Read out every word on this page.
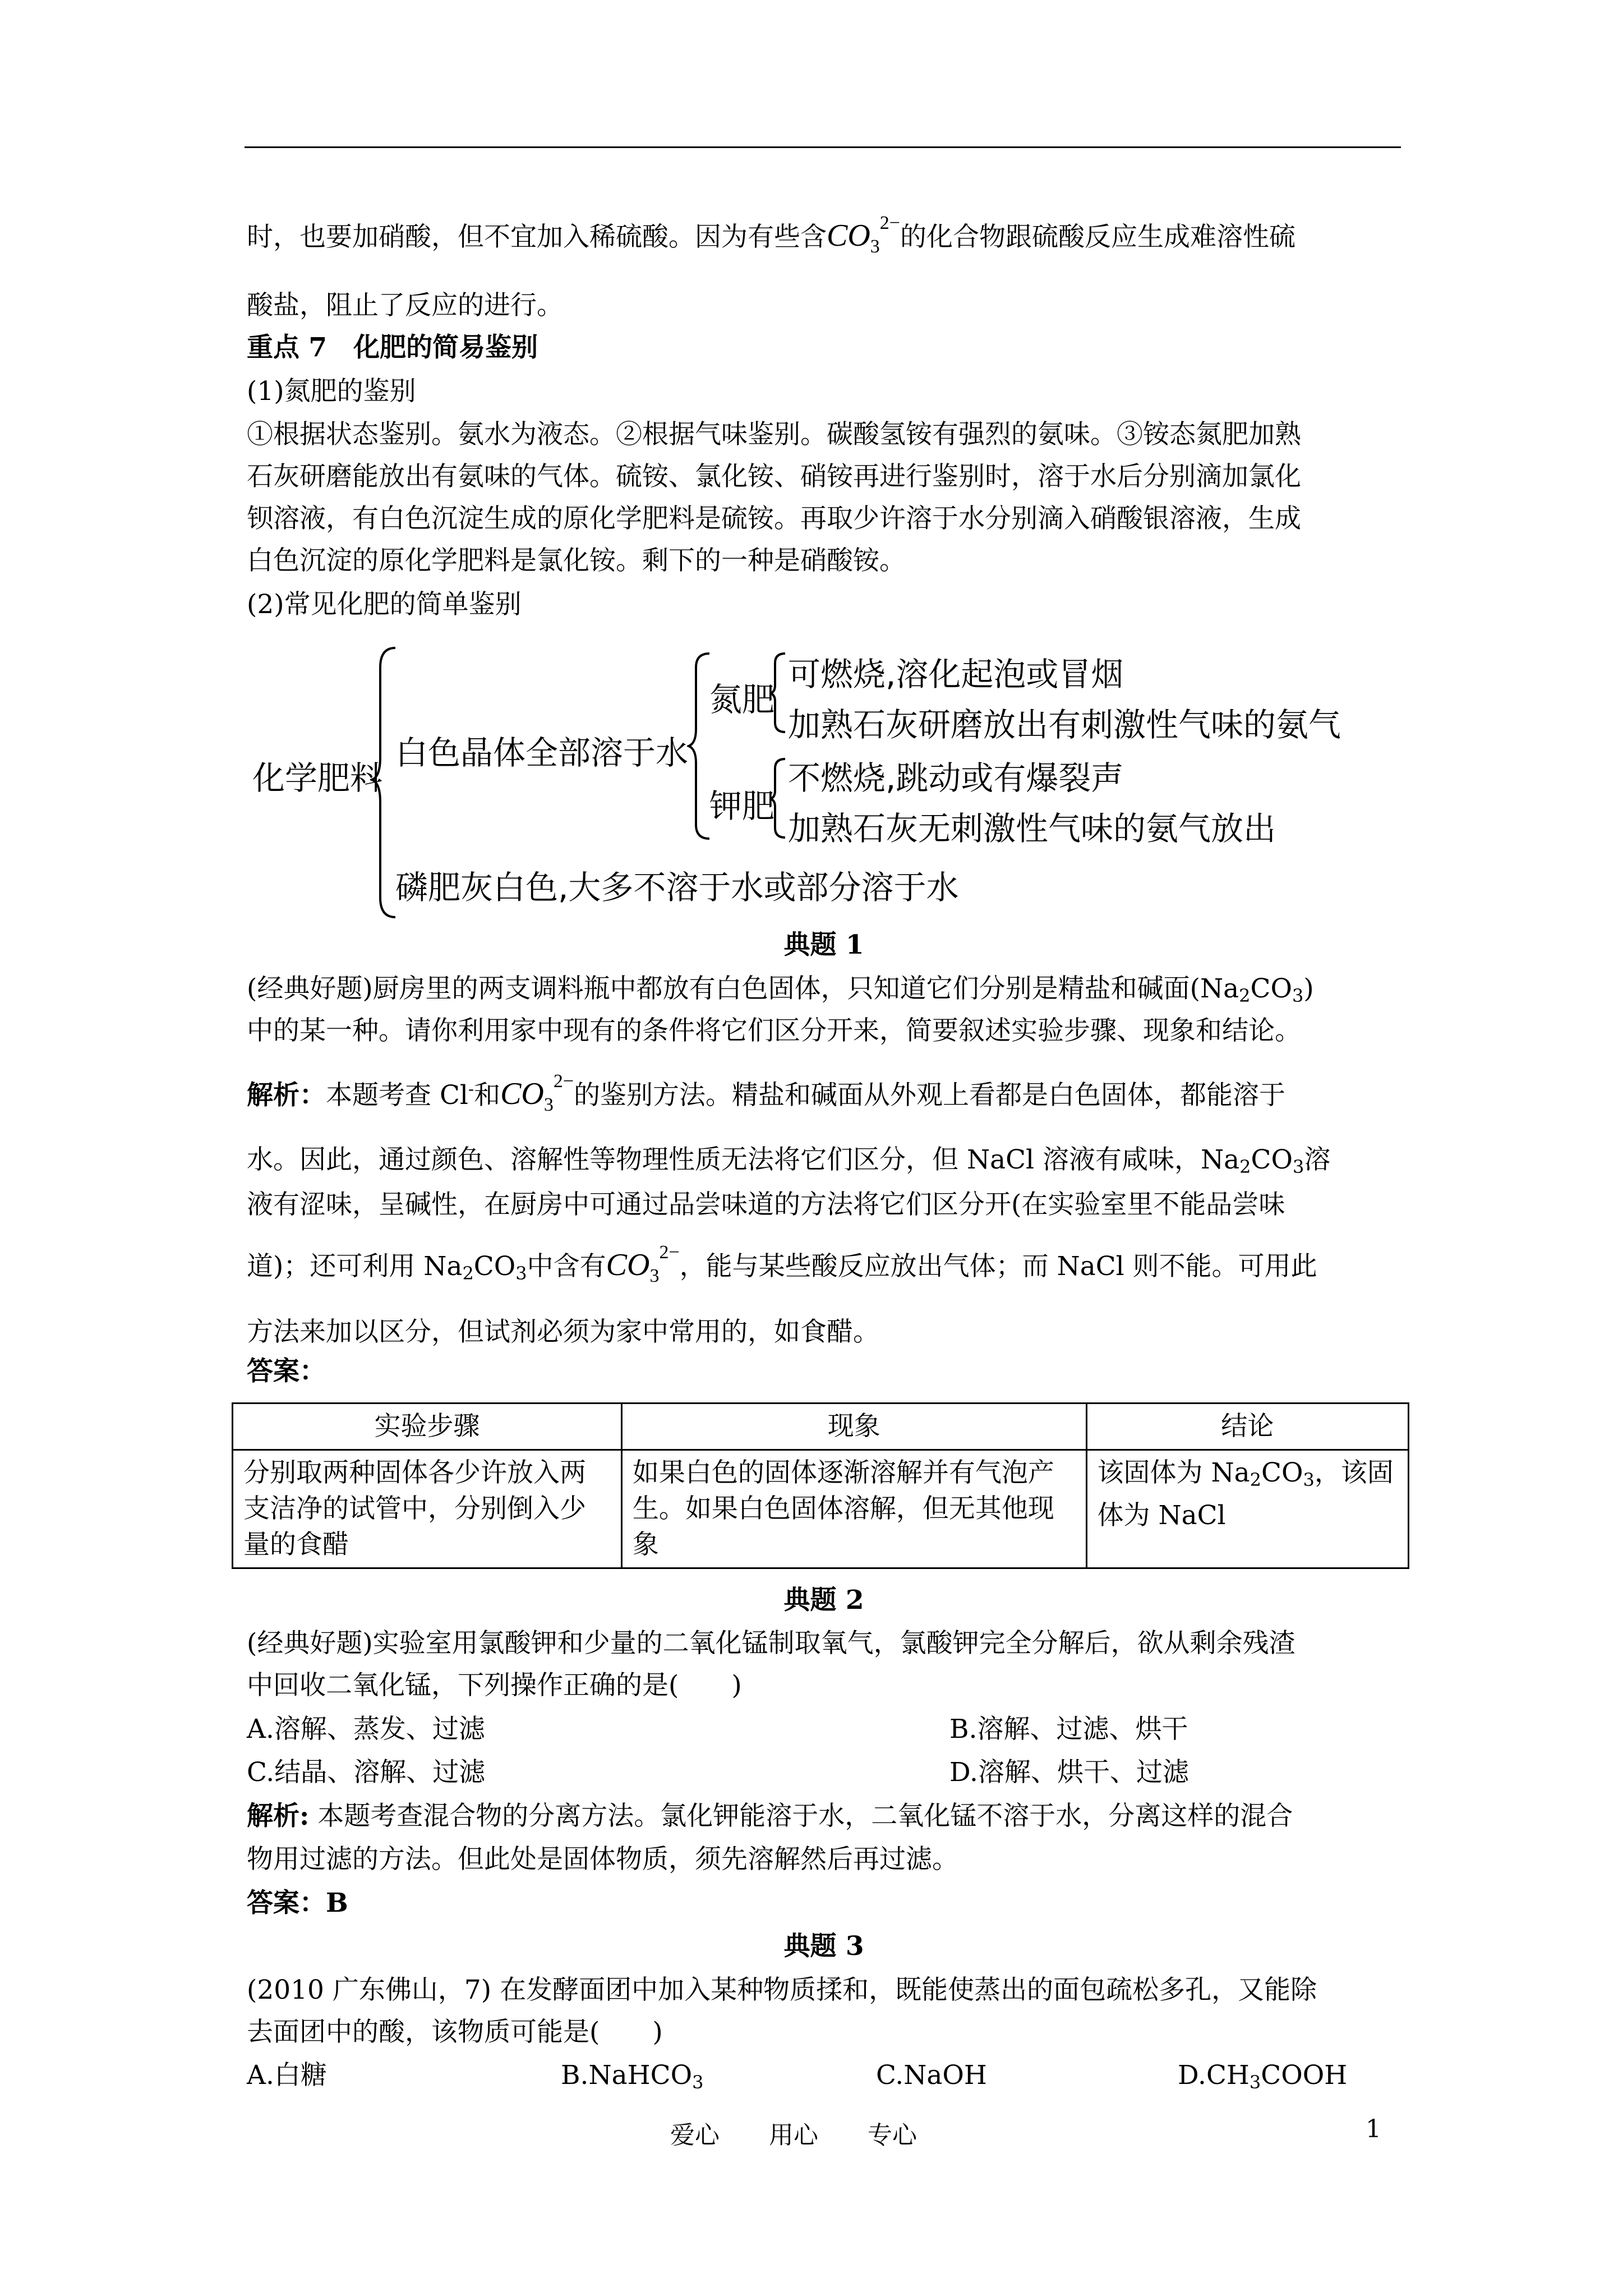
时，也要加硝酸，但不宜加入稀硫酸。因为有些含$CO_3^{2-}$的化合物跟硫酸反应生成难溶性硫
酸盐，阻止了反应的进行。
重点 7　化肥的简易鉴别
(1)氮肥的鉴别
①根据状态鉴别。氨水为液态。②根据气味鉴别。碳酸氢铵有强烈的氨味。③铵态氮肥加熟
石灰研磨能放出有氨味的气体。硫铵、氯化铵、硝铵再进行鉴别时，溶于水后分别滴加氯化
钡溶液，有白色沉淀生成的原化学肥料是硫铵。再取少许溶于水分别滴入硝酸银溶液，生成
白色沉淀的原化学肥料是氯化铵。剩下的一种是硝酸铵。
(2)常见化肥的简单鉴别
化学肥料
白色晶体全部溶于水
氮肥
可燃烧,溶化起泡或冒烟
加熟石灰研磨放出有刺激性气味的氨气
钾肥
不燃烧,跳动或有爆裂声
加熟石灰无刺激性气味的氨气放出
磷肥灰白色,大多不溶于水或部分溶于水
典题 1
(经典好题)厨房里的两支调料瓶中都放有白色固体，只知道它们分别是精盐和碱面$(Na_2CO_3)$
中的某一种。请你利用家中现有的条件将它们区分开来，简要叙述实验步骤、现象和结论。
解析：本题考查 Cl-和$CO_3^{2-}$的鉴别方法。精盐和碱面从外观上看都是白色固体，都能溶于
水。因此，通过颜色、溶解性等物理性质无法将它们区分，但 NaCl 溶液有咸味，$Na_2CO_3$溶
液有涩味，呈碱性，在厨房中可通过品尝味道的方法将它们区分开(在实验室里不能品尝味
道)；还可利用 $Na_2CO_3$中含有$CO_3^{2-}$，能与某些酸反应放出气体；而 NaCl 则不能。可用此
方法来加以区分，但试剂必须为家中常用的，如食醋。
答案：
实验步骤	现象	结论
分别取两种固体各少许放入两支洁净的试管中，分别倒入少量的食醋	如果白色的固体逐渐溶解并有气泡产生。如果白色固体溶解，但无其他现象	该固体为 $Na_2CO_3$，该固体为 NaCl
典题 2
(经典好题)实验室用氯酸钾和少量的二氧化锰制取氧气，氯酸钾完全分解后，欲从剩余残渣
中回收二氧化锰，下列操作正确的是(　　)
A.溶解、蒸发、过滤	B.溶解、过滤、烘干
C.结晶、溶解、过滤	D.溶解、烘干、过滤
解析: 本题考查混合物的分离方法。氯化钾能溶于水，二氧化锰不溶于水，分离这样的混合
物用过滤的方法。但此处是固体物质，须先溶解然后再过滤。
答案：B
典题 3
(2010 广东佛山，7) 在发酵面团中加入某种物质揉和，既能使蒸出的面包疏松多孔，又能除
去面团中的酸，该物质可能是(　　)
A.白糖	B.NaHCO$_3$	C.NaOH	$D.CH_3COOH$
爱心　　用心　　专心	1
